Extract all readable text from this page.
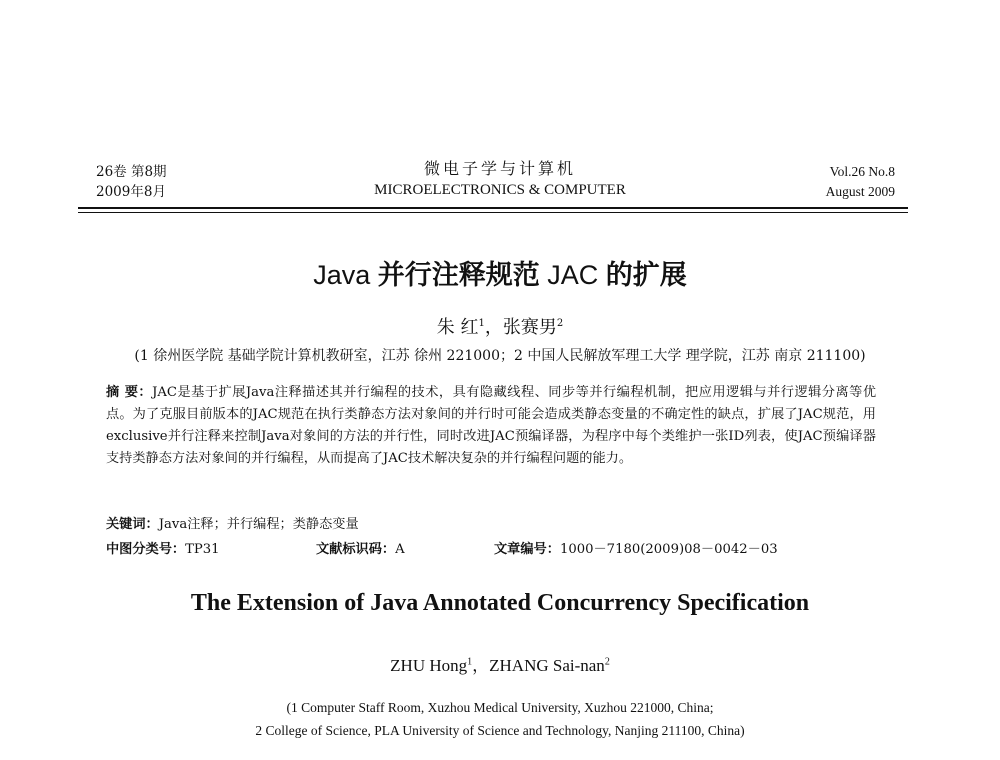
26卷 第8期
2009年8月
微电子学与计算机
MICROELECTRONICS & COMPUTER
Vol.26 No.8
August 2009
Java 并行注释规范 JAC 的扩展
朱 红$^1$，张赛男$^2$
(1 徐州医学院 基础学院计算机教研室，江苏 徐州 221000；2 中国人民解放军理工大学 理学院，江苏 南京 211100)
摘 要：JAC是基于扩展Java注释描述其并行编程的技术，具有隐藏线程、同步等并行编程机制，把应用逻辑与并行逻辑分离等优点。为了克服目前版本的JAC规范在执行类静态方法对象间的并行时可能会造成类静态变量的不确定性的缺点，扩展了JAC规范，用exclusive并行注释来控制Java对象间的方法的并行性，同时改进JAC预编译器，为程序中每个类维护一张ID列表，使JAC预编译器支持类静态方法对象间的并行编程，从而提高了JAC技术解决复杂的并行编程问题的能力。
关键词：Java注释；并行编程；类静态变量
中图分类号：TP31	文献标识码：A	文章编号：1000－7180(2009)08－0042－03
The Extension of Java Annotated Concurrency Specification
ZHU Hong$^1$，ZHANG Sai-nan$^2$
(1 Computer Staff Room, Xuzhou Medical University, Xuzhou 221000, China;
2 College of Science, PLA University of Science and Technology, Nanjing 211100, China)
